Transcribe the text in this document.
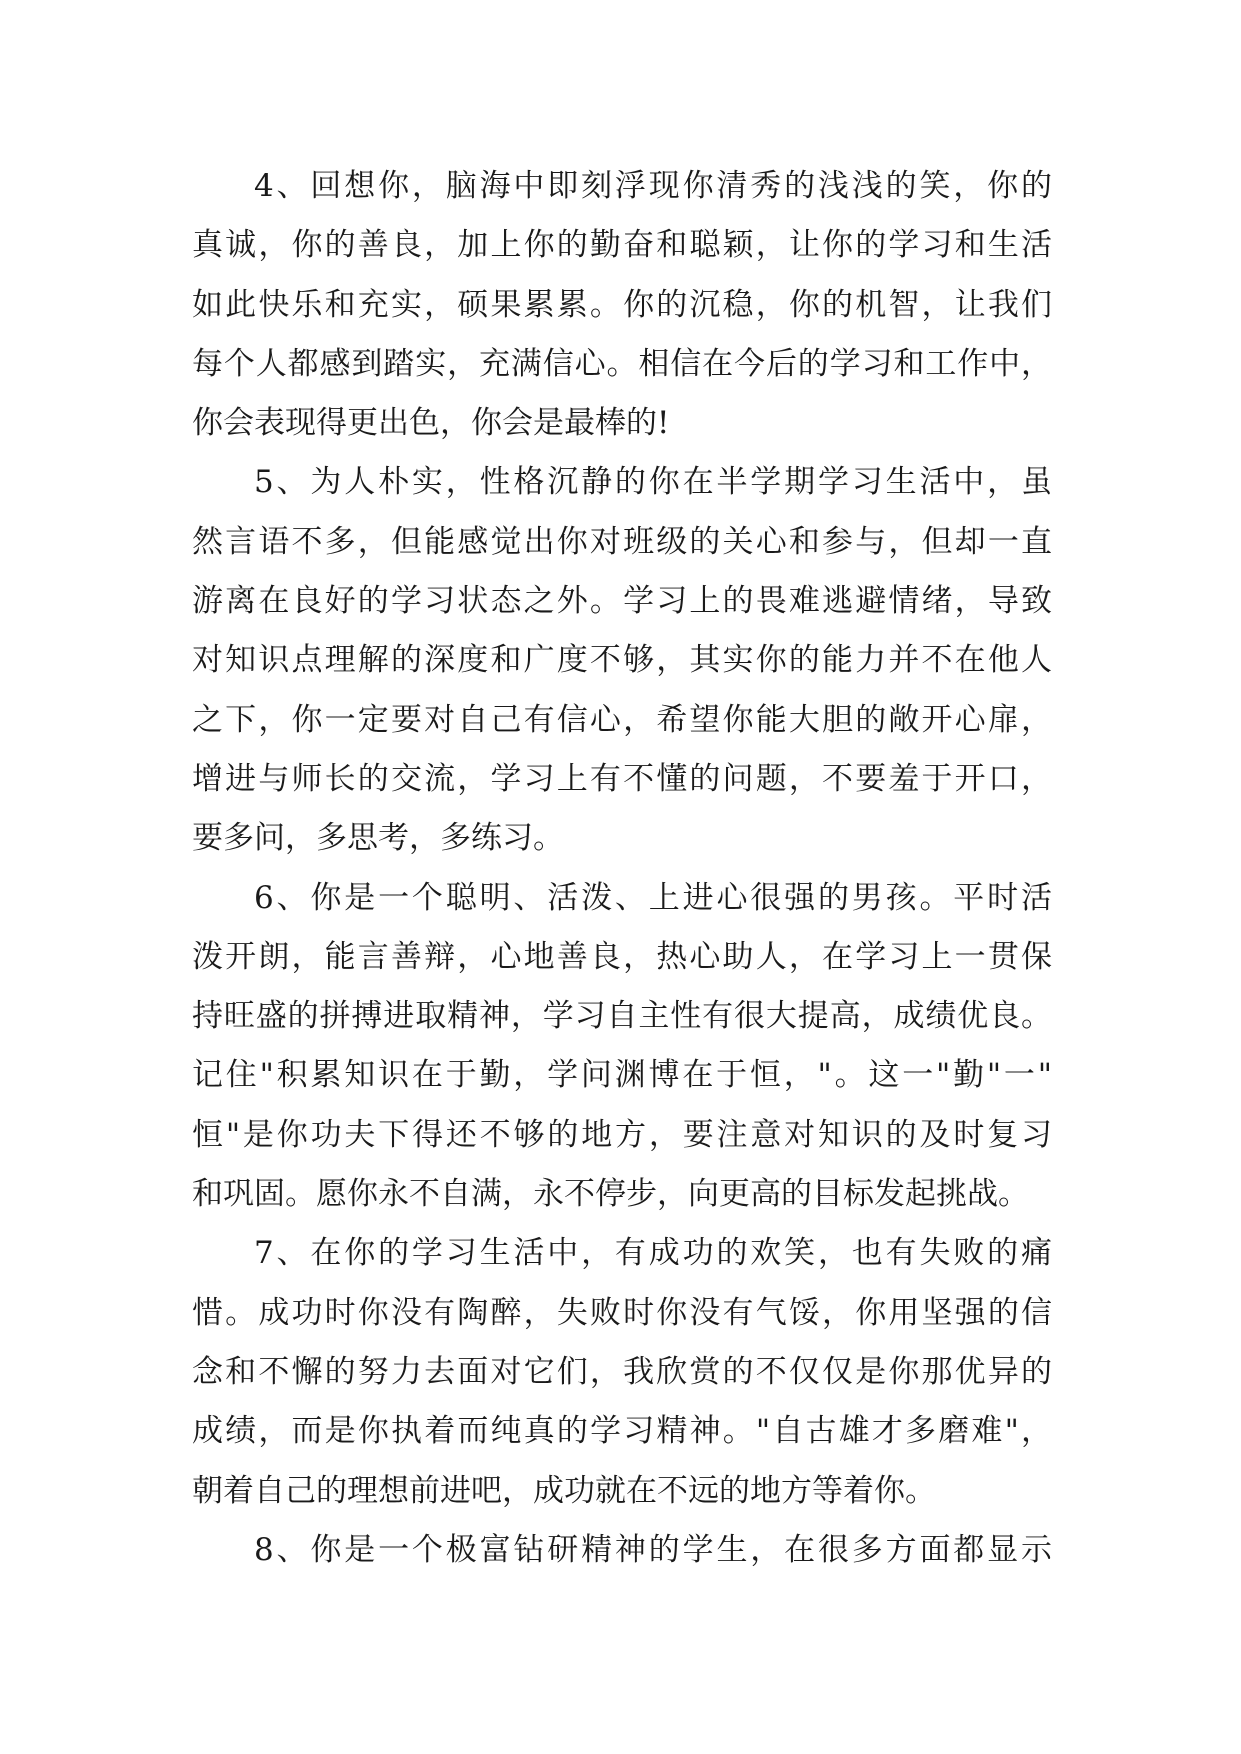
4、回想你，脑海中即刻浮现你清秀的浅浅的笑，你的
真诚，你的善良，加上你的勤奋和聪颖，让你的学习和生活
如此快乐和充实，硕果累累。你的沉稳，你的机智，让我们
每个人都感到踏实，充满信心。相信在今后的学习和工作中，
你会表现得更出色，你会是最棒的!
5、为人朴实，性格沉静的你在半学期学习生活中，虽
然言语不多，但能感觉出你对班级的关心和参与，但却一直
游离在良好的学习状态之外。学习上的畏难逃避情绪，导致
对知识点理解的深度和广度不够，其实你的能力并不在他人
之下，你一定要对自己有信心，希望你能大胆的敞开心扉，
增进与师长的交流，学习上有不懂的问题，不要羞于开口，
要多问，多思考，多练习。
6、你是一个聪明、活泼、上进心很强的男孩。平时活
泼开朗，能言善辩，心地善良，热心助人，在学习上一贯保
持旺盛的拼搏进取精神，学习自主性有很大提高，成绩优良。
记住"积累知识在于勤，学问渊博在于恒，"。这一"勤"一"
恒"是你功夫下得还不够的地方，要注意对知识的及时复习
和巩固。愿你永不自满，永不停步，向更高的目标发起挑战。
7、在你的学习生活中，有成功的欢笑，也有失败的痛
惜。成功时你没有陶醉，失败时你没有气馁，你用坚强的信
念和不懈的努力去面对它们，我欣赏的不仅仅是你那优异的
成绩，而是你执着而纯真的学习精神。"自古雄才多磨难"，
朝着自己的理想前进吧，成功就在不远的地方等着你。
8、你是一个极富钻研精神的学生，在很多方面都显示
